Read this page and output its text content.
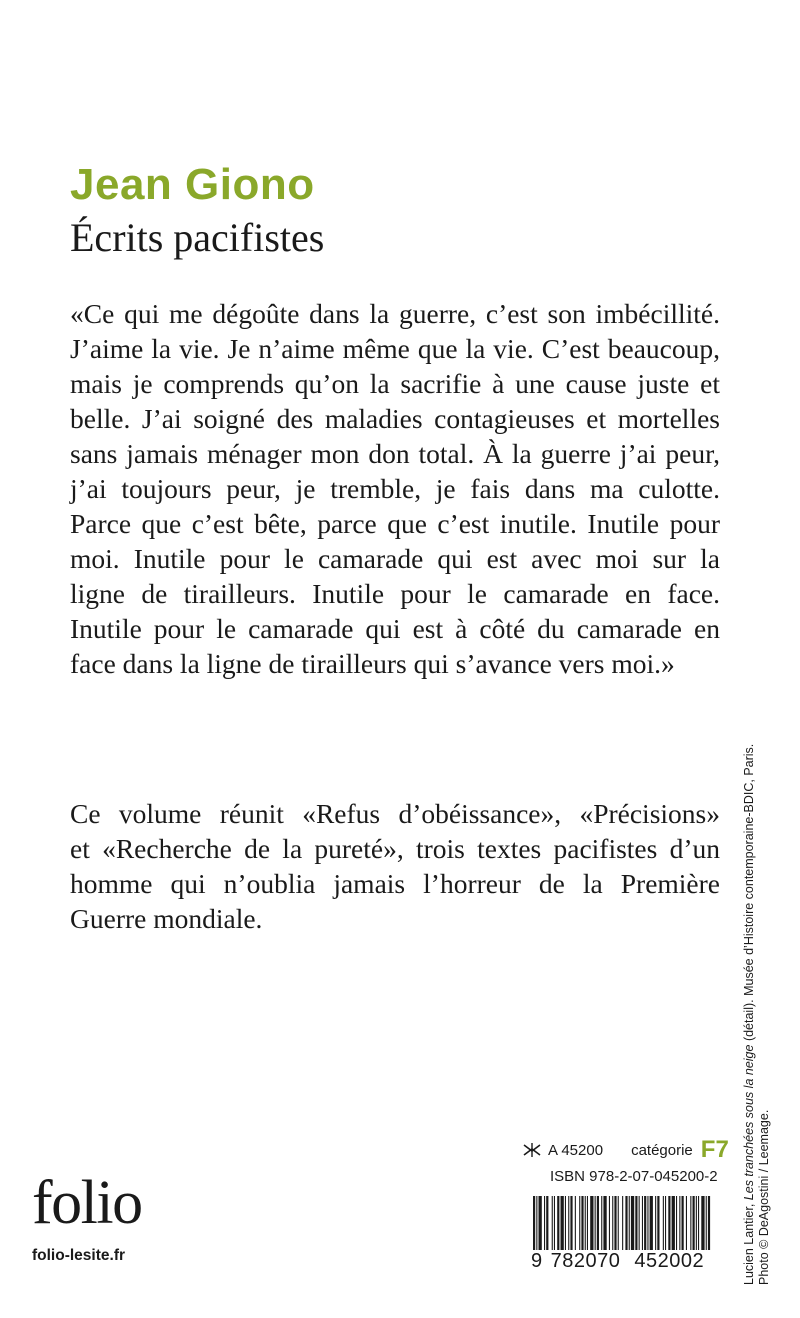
Jean Giono
Écrits pacifistes
«Ce qui me dégoûte dans la guerre, c’est son imbécillité.
J’aime la vie. Je n’aime même que la vie. C’est beaucoup,
mais je comprends qu’on la sacrifie à une cause juste et
belle. J’ai soigné des maladies contagieuses et mortelles
sans jamais ménager mon don total. À la guerre j’ai peur,
j’ai toujours peur, je tremble, je fais dans ma culotte.
Parce que c’est bête, parce que c’est inutile. Inutile pour
moi. Inutile pour le camarade qui est avec moi sur la
ligne de tirailleurs. Inutile pour le camarade en face.
Inutile pour le camarade qui est à côté du camarade en
face dans la ligne de tirailleurs qui s’avance vers moi.»
Ce volume réunit «Refus d’obéissance», «Précisions»
et «Recherche de la pureté», trois textes pacifistes d’un
homme qui n’oublia jamais l’horreur de la Première
Guerre mondiale.
Lucien Lantier, Les tranchées sous la neige (détail). Musée d’Histoire contemporaine-BDIC, Paris.
Photo © DeAgostini / Leemage.
A 45200 catégorie F7
ISBN 978-2-07-045200-2
9 782070 452002
folio
folio-lesite.fr
